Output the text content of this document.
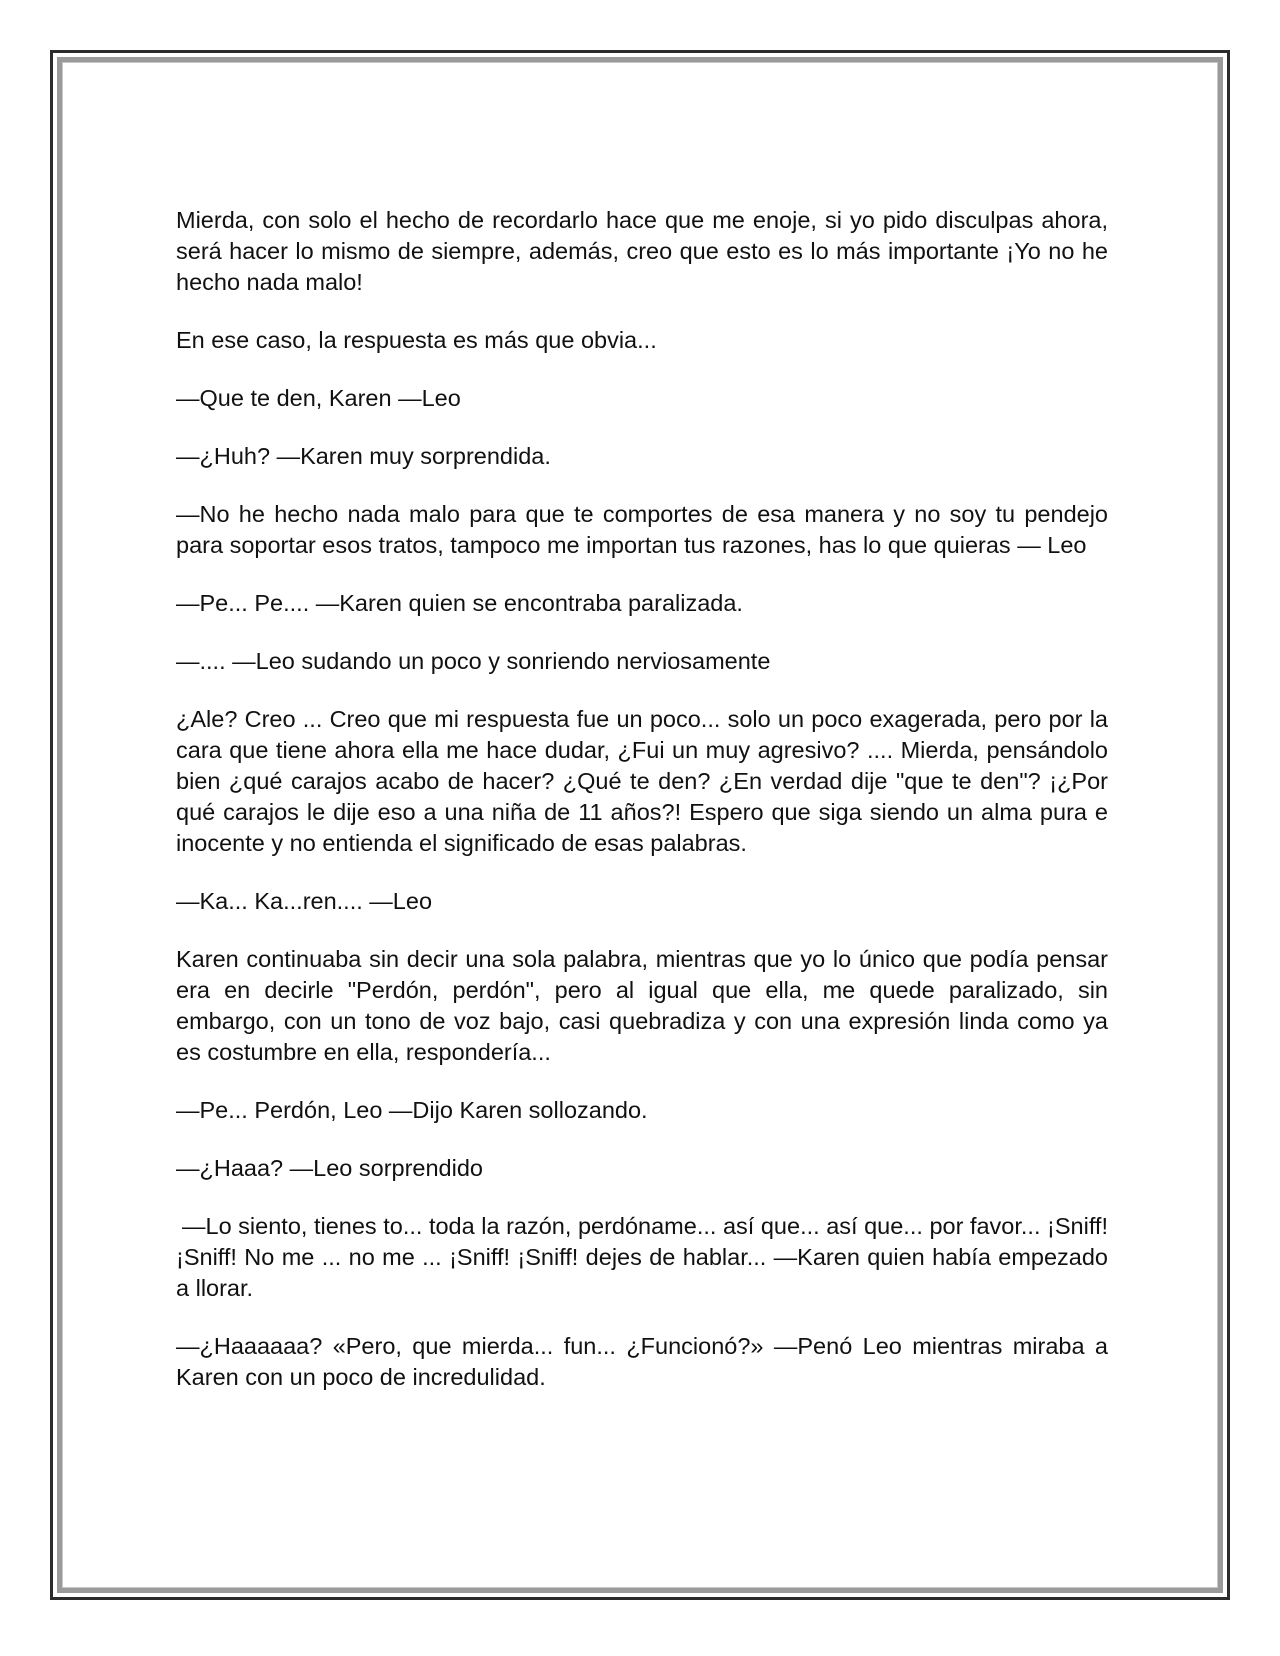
Mierda, con solo el hecho de recordarlo hace que me enoje, si yo pido disculpas ahora, será hacer lo mismo de siempre, además, creo que esto es lo más importante ¡Yo no he hecho nada malo!

En ese caso, la respuesta es más que obvia...

—Que te den, Karen —Leo

—¿Huh? —Karen muy sorprendida.

—No he hecho nada malo para que te comportes de esa manera y no soy tu pendejo para soportar esos tratos, tampoco me importan tus razones, has lo que quieras — Leo

—Pe... Pe.... —Karen quien se encontraba paralizada.

—.... —Leo sudando un poco y sonriendo nerviosamente

¿Ale? Creo ... Creo que mi respuesta fue un poco... solo un poco exagerada, pero por la cara que tiene ahora ella me hace dudar, ¿Fui un muy agresivo? .... Mierda, pensándolo bien ¿qué carajos acabo de hacer? ¿Qué te den? ¿En verdad dije "que te den"? ¡¿Por qué carajos le dije eso a una niña de 11 años?! Espero que siga siendo un alma pura e inocente y no entienda el significado de esas palabras.

—Ka... Ka...ren.... —Leo

Karen continuaba sin decir una sola palabra, mientras que yo lo único que podía pensar era en decirle "Perdón, perdón", pero al igual que ella, me quede paralizado, sin embargo, con un tono de voz bajo, casi quebradiza y con una expresión linda como ya es costumbre en ella, respondería...

—Pe... Perdón, Leo —Dijo Karen sollozando.

—¿Haaa? —Leo sorprendido

—Lo siento, tienes to... toda la razón, perdóname... así que... así que... por favor... ¡Sniff! ¡Sniff! No me ... no me ... ¡Sniff! ¡Sniff! dejes de hablar... —Karen quien había empezado a llorar.

—¿Haaaaaa? «Pero, que mierda... fun... ¿Funcionó?» —Penó Leo mientras miraba a Karen con un poco de incredulidad.
